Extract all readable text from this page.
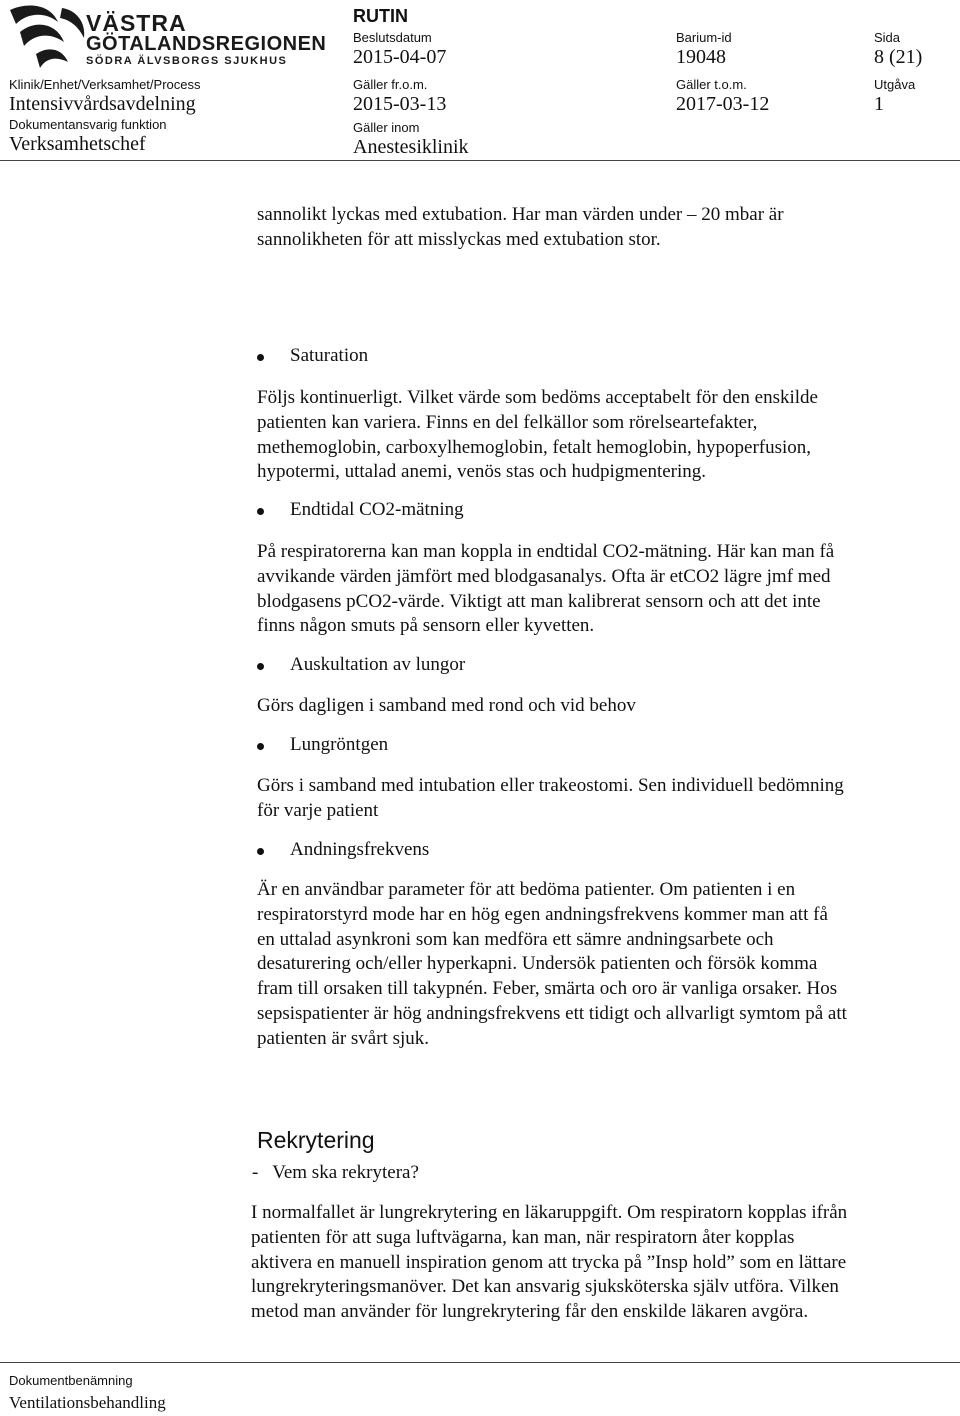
VÄSTRA
GÖTALANDSREGIONEN
SÖDRA ÄLVSBORGS SJUKHUS
RUTIN
Beslutsdatum
2015-04-07
Barium-id
19048
Sida
8 (21)
Klinik/Enhet/Verksamhet/Process
Intensivvårdsavdelning
Gäller fr.o.m.
2015-03-13
Gäller t.o.m.
2017-03-12
Utgåva
1
Dokumentansvarig funktion
Verksamhetschef
Gäller inom
Anestesiklinik

sannolikt lyckas med extubation. Har man värden under – 20 mbar är

sannolikheten för att misslyckas med extubation stor.

Saturation

Följs kontinuerligt. Vilket värde som bedöms acceptabelt för den enskilde

patienten kan variera. Finns en del felkällor som rörelseartefakter,

methemoglobin, carboxylhemoglobin, fetalt hemoglobin, hypoperfusion,

hypotermi, uttalad anemi, venös stas och hudpigmentering.

Endtidal CO2-mätning

På respiratorerna kan man koppla in endtidal CO2-mätning. Här kan man få

avvikande värden jämfört med blodgasanalys. Ofta är etCO2 lägre jmf med

blodgasens pCO2-värde. Viktigt att man kalibrerat sensorn och att det inte

finns någon smuts på sensorn eller kyvetten.

Auskultation av lungor

Görs dagligen i samband med rond och vid behov

Lungröntgen

Görs i samband med intubation eller trakeostomi. Sen individuell bedömning

för varje patient

Andningsfrekvens

Är en användbar parameter för att bedöma patienter. Om patienten i en

respiratorstyrd mode har en hög egen andningsfrekvens kommer man att få

en uttalad asynkroni som kan medföra ett sämre andningsarbete och

desaturering och/eller hyperkapni. Undersök patienten och försök komma

fram till orsaken till takypnén. Feber, smärta och oro är vanliga orsaker. Hos

sepsispatienter är hög andningsfrekvens ett tidigt och allvarligt symtom på att

patienten är svårt sjuk.

Rekrytering
-   Vem ska rekrytera?

I normalfallet är lungrekrytering en läkaruppgift. Om respiratorn kopplas ifrån

patienten för att suga luftvägarna, kan man, när respiratorn åter kopplas

aktivera en manuell inspiration genom att trycka på ”Insp hold” som en lättare

lungrekryteringsmanöver. Det kan ansvarig sjuksköterska själv utföra. Vilken

metod man använder för lungrekrytering får den enskilde läkaren avgöra.

Dokumentbenämning
Ventilationsbehandling
